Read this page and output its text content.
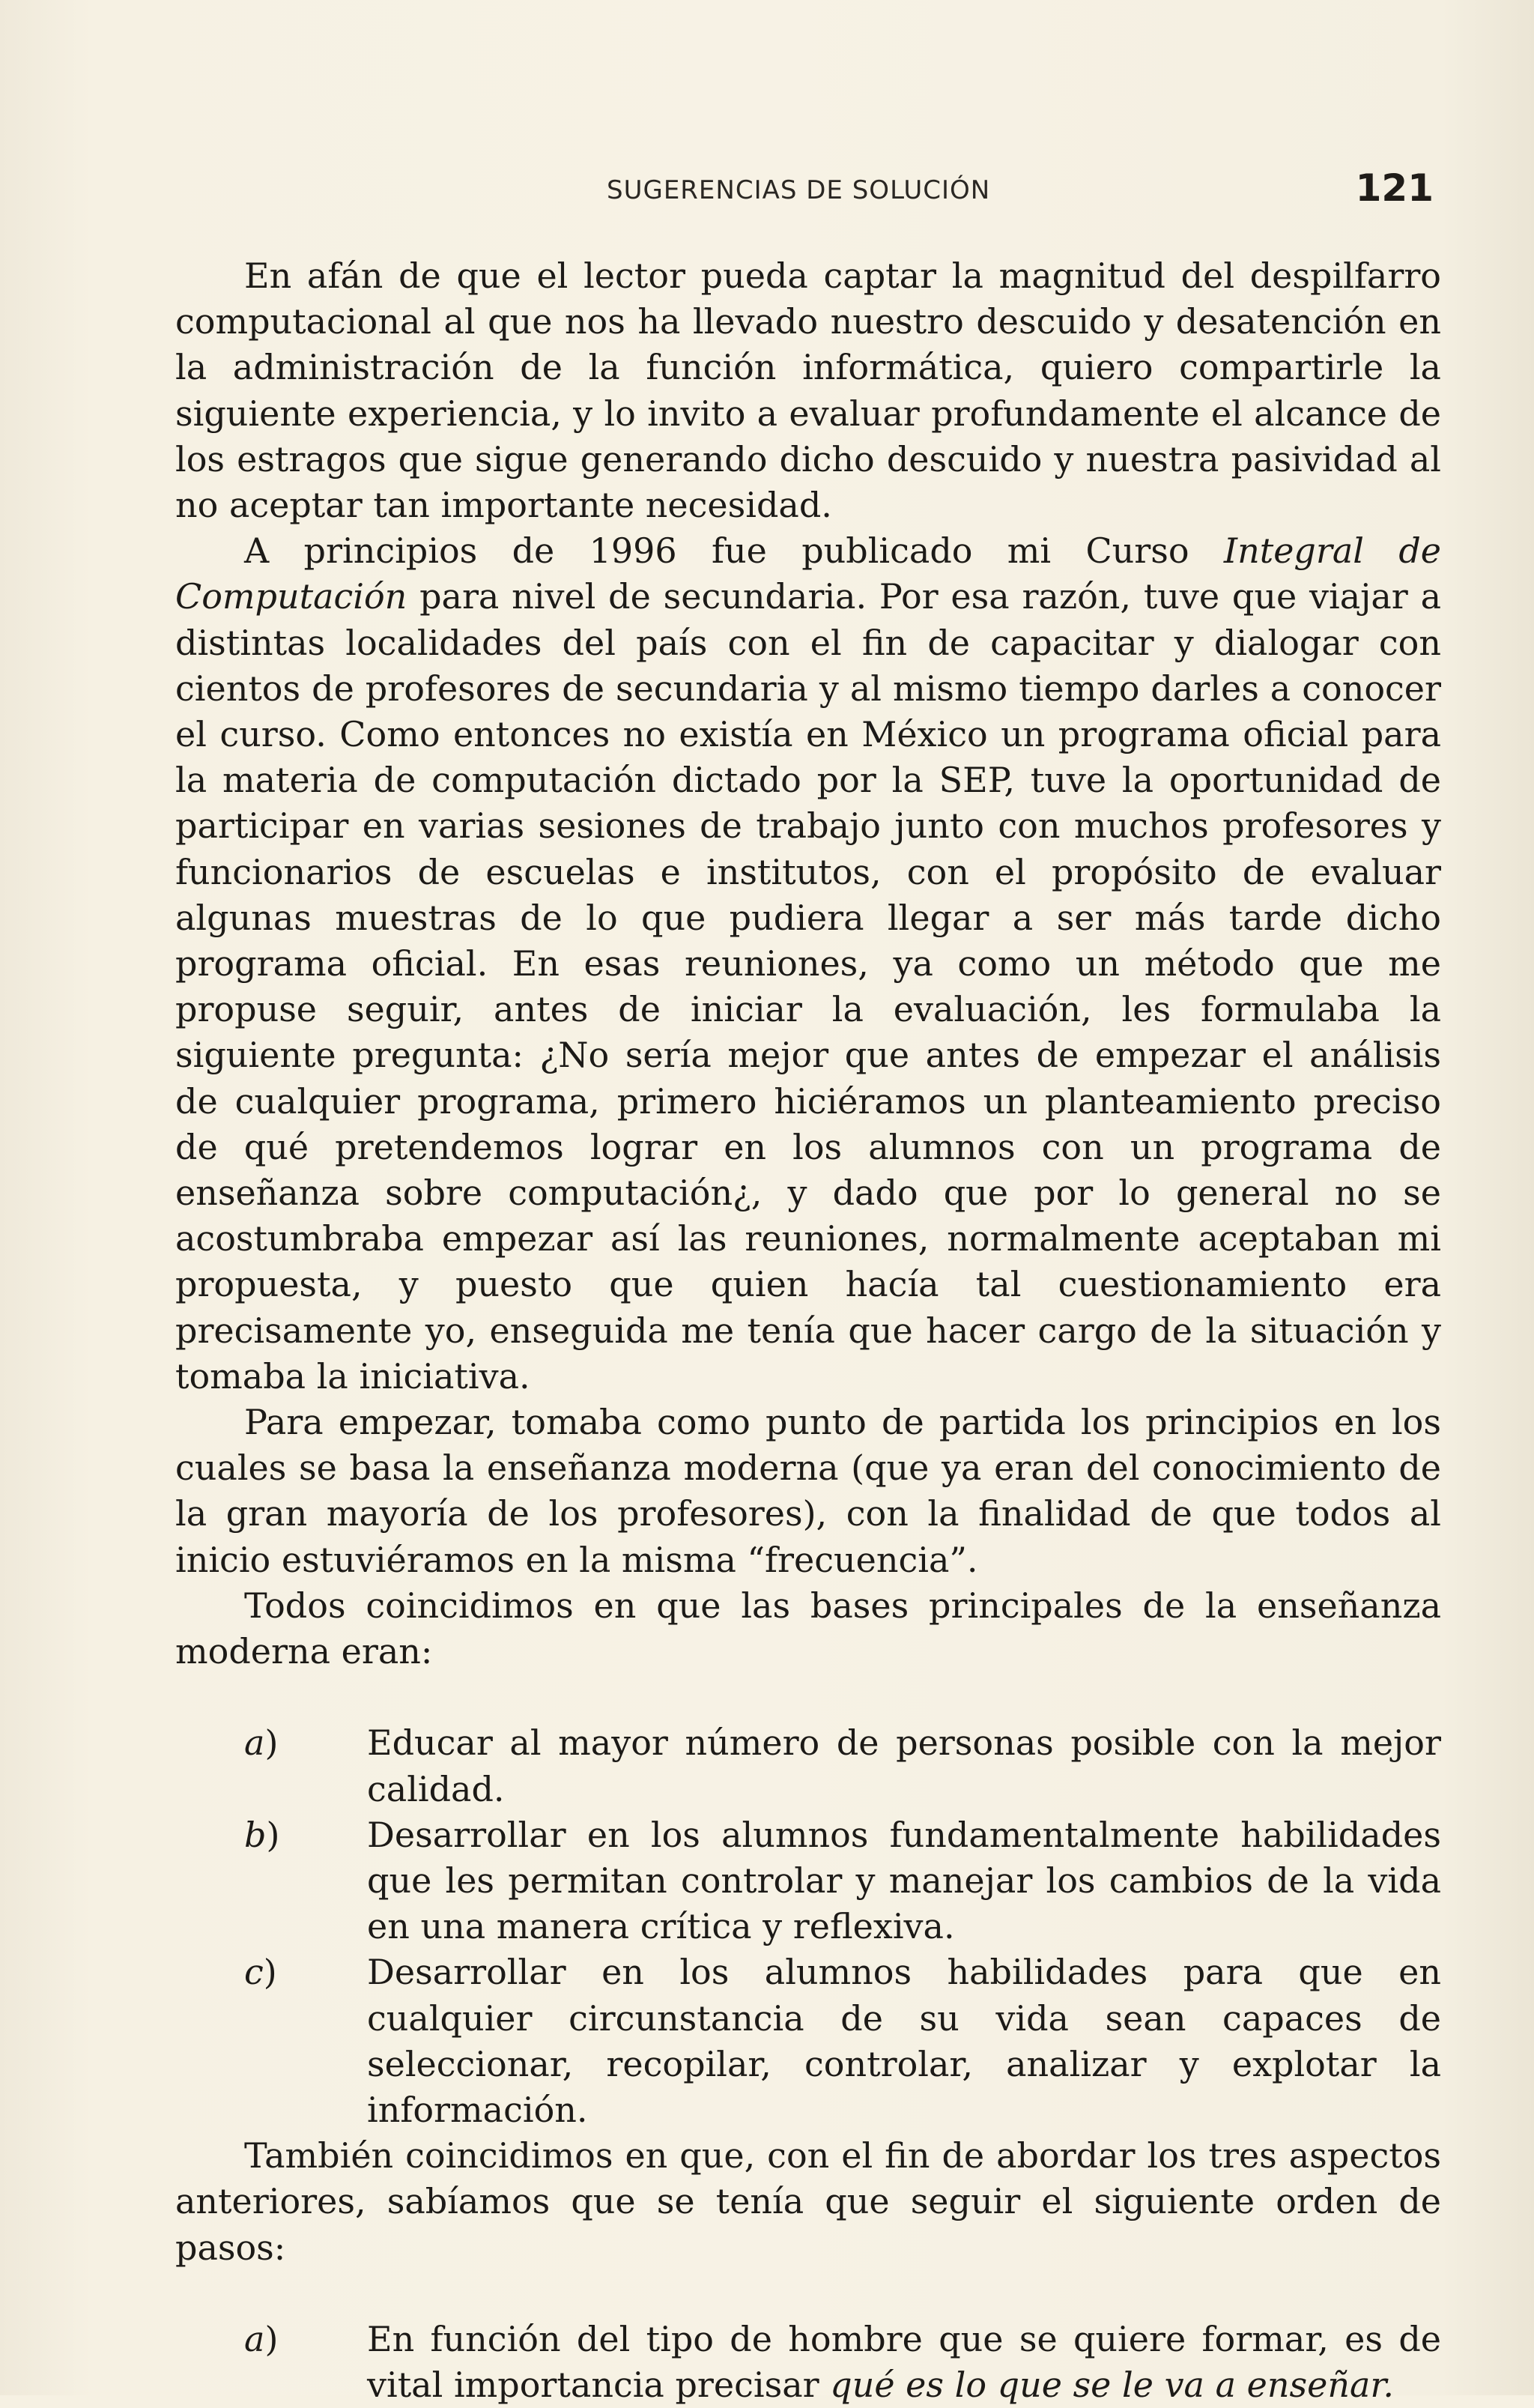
SUGERENCIAS DE SOLUCIÓN	121

En afán de que el lector pueda captar la magnitud del despilfarro computacional al que nos ha llevado nuestro descuido y desatención en la administración de la función informática, quiero compartirle la siguiente experiencia, y lo invito a evaluar profundamente el alcance de los estragos que sigue generando dicho descuido y nuestra pasividad al no aceptar tan importante necesidad.

A principios de 1996 fue publicado mi Curso Integral de Computación para nivel de secundaria. Por esa razón, tuve que viajar a distintas localidades del país con el fin de capacitar y dialogar con cientos de profesores de secundaria y al mismo tiempo darles a conocer el curso. Como entonces no existía en México un programa oficial para la materia de computación dictado por la SEP, tuve la oportunidad de participar en varias sesiones de trabajo junto con muchos profesores y funcionarios de escuelas e institutos, con el propósito de evaluar algunas muestras de lo que pudiera llegar a ser más tarde dicho programa oficial. En esas reuniones, ya como un método que me propuse seguir, antes de iniciar la evaluación, les formulaba la siguiente pregunta: ¿No sería mejor que antes de empezar el análisis de cualquier programa, primero hiciéramos un planteamiento preciso de qué pretendemos lograr en los alumnos con un programa de enseñanza sobre computación¿, y dado que por lo general no se acostumbraba empezar así las reuniones, normalmente aceptaban mi propuesta, y puesto que quien hacía tal cuestionamiento era precisamente yo, enseguida me tenía que hacer cargo de la situación y tomaba la iniciativa.

Para empezar, tomaba como punto de partida los principios en los cuales se basa la enseñanza moderna (que ya eran del conocimiento de la gran mayoría de los profesores), con la finalidad de que todos al inicio estuviéramos en la misma “frecuencia”.

Todos coincidimos en que las bases principales de la enseñanza moderna eran:

a)	Educar al mayor número de personas posible con la mejor calidad.
b)	Desarrollar en los alumnos fundamentalmente habilidades que les permitan controlar y manejar los cambios de la vida en una manera crítica y reflexiva.
c)	Desarrollar en los alumnos habilidades para que en cualquier circunstancia de su vida sean capaces de seleccionar, recopilar, controlar, analizar y explotar la información.

También coincidimos en que, con el fin de abordar los tres aspectos anteriores, sabíamos que se tenía que seguir el siguiente orden de pasos:

a)	En función del tipo de hombre que se quiere formar, es de vital importancia precisar qué es lo que se le va a enseñar.
